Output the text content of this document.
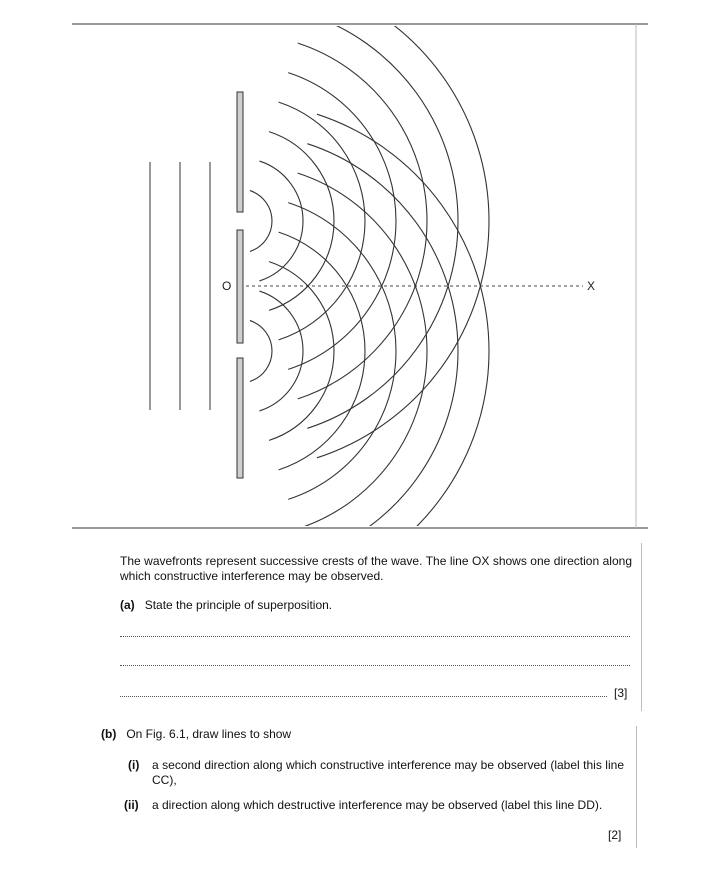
O	X
The wavefronts represent successive crests of the wave. The line OX shows one direction along which constructive interference may be observed.
(a) State the principle of superposition.
[3]
(b) On Fig. 6.1, draw lines to show
(i) a second direction along which constructive interference may be observed (label this line CC),
(ii) a direction along which destructive interference may be observed (label this line DD).
[2]
